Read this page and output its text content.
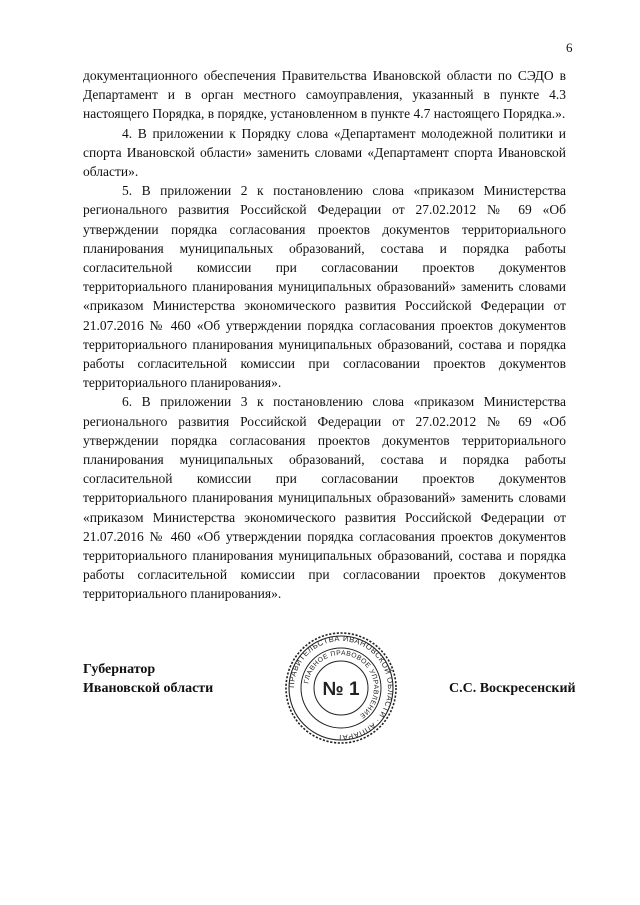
6

документационного обеспечения Правительства Ивановской области по СЭДО в Департамент и в орган местного самоуправления, указанный в пункте 4.3 настоящего Порядка, в порядке, установленном в пункте 4.7 настоящего Порядка.».

4. В приложении к Порядку слова «Департамент молодежной политики и спорта Ивановской области» заменить словами «Департамент спорта Ивановской области».

5. В приложении 2 к постановлению слова «приказом Министерства регионального развития Российской Федерации от 27.02.2012 № 69 «Об утверждении порядка согласования проектов документов территориального планирования муниципальных образований, состава и порядка работы согласительной комиссии при согласовании проектов документов территориального планирования муниципальных образований» заменить словами «приказом Министерства экономического развития Российской Федерации от 21.07.2016 № 460 «Об утверждении порядка согласования проектов документов территориального планирования муниципальных образований, состава и порядка работы согласительной комиссии при согласовании проектов документов территориального планирования».

6. В приложении 3 к постановлению слова «приказом Министерства регионального развития Российской Федерации от 27.02.2012 № 69 «Об утверждении порядка согласования проектов документов территориального планирования муниципальных образований, состава и порядка работы согласительной комиссии при согласовании проектов документов территориального планирования муниципальных образований» заменить словами «приказом Министерства экономического развития Российской Федерации от 21.07.2016 № 460 «Об утверждении порядка согласования проектов документов территориального планирования муниципальных образований, состава и порядка работы согласительной комиссии при согласовании проектов документов территориального планирования».

Губернатор
Ивановской области	ПРАВИТЕЛЬСТВА ИВАНОВСКОЙ ОБЛАСТИ · АППАРАТ
ГЛАВНОЕ ПРАВОВОЕ УПРАВЛЕНИЕ
№ 1	С.С. Воскресенский
